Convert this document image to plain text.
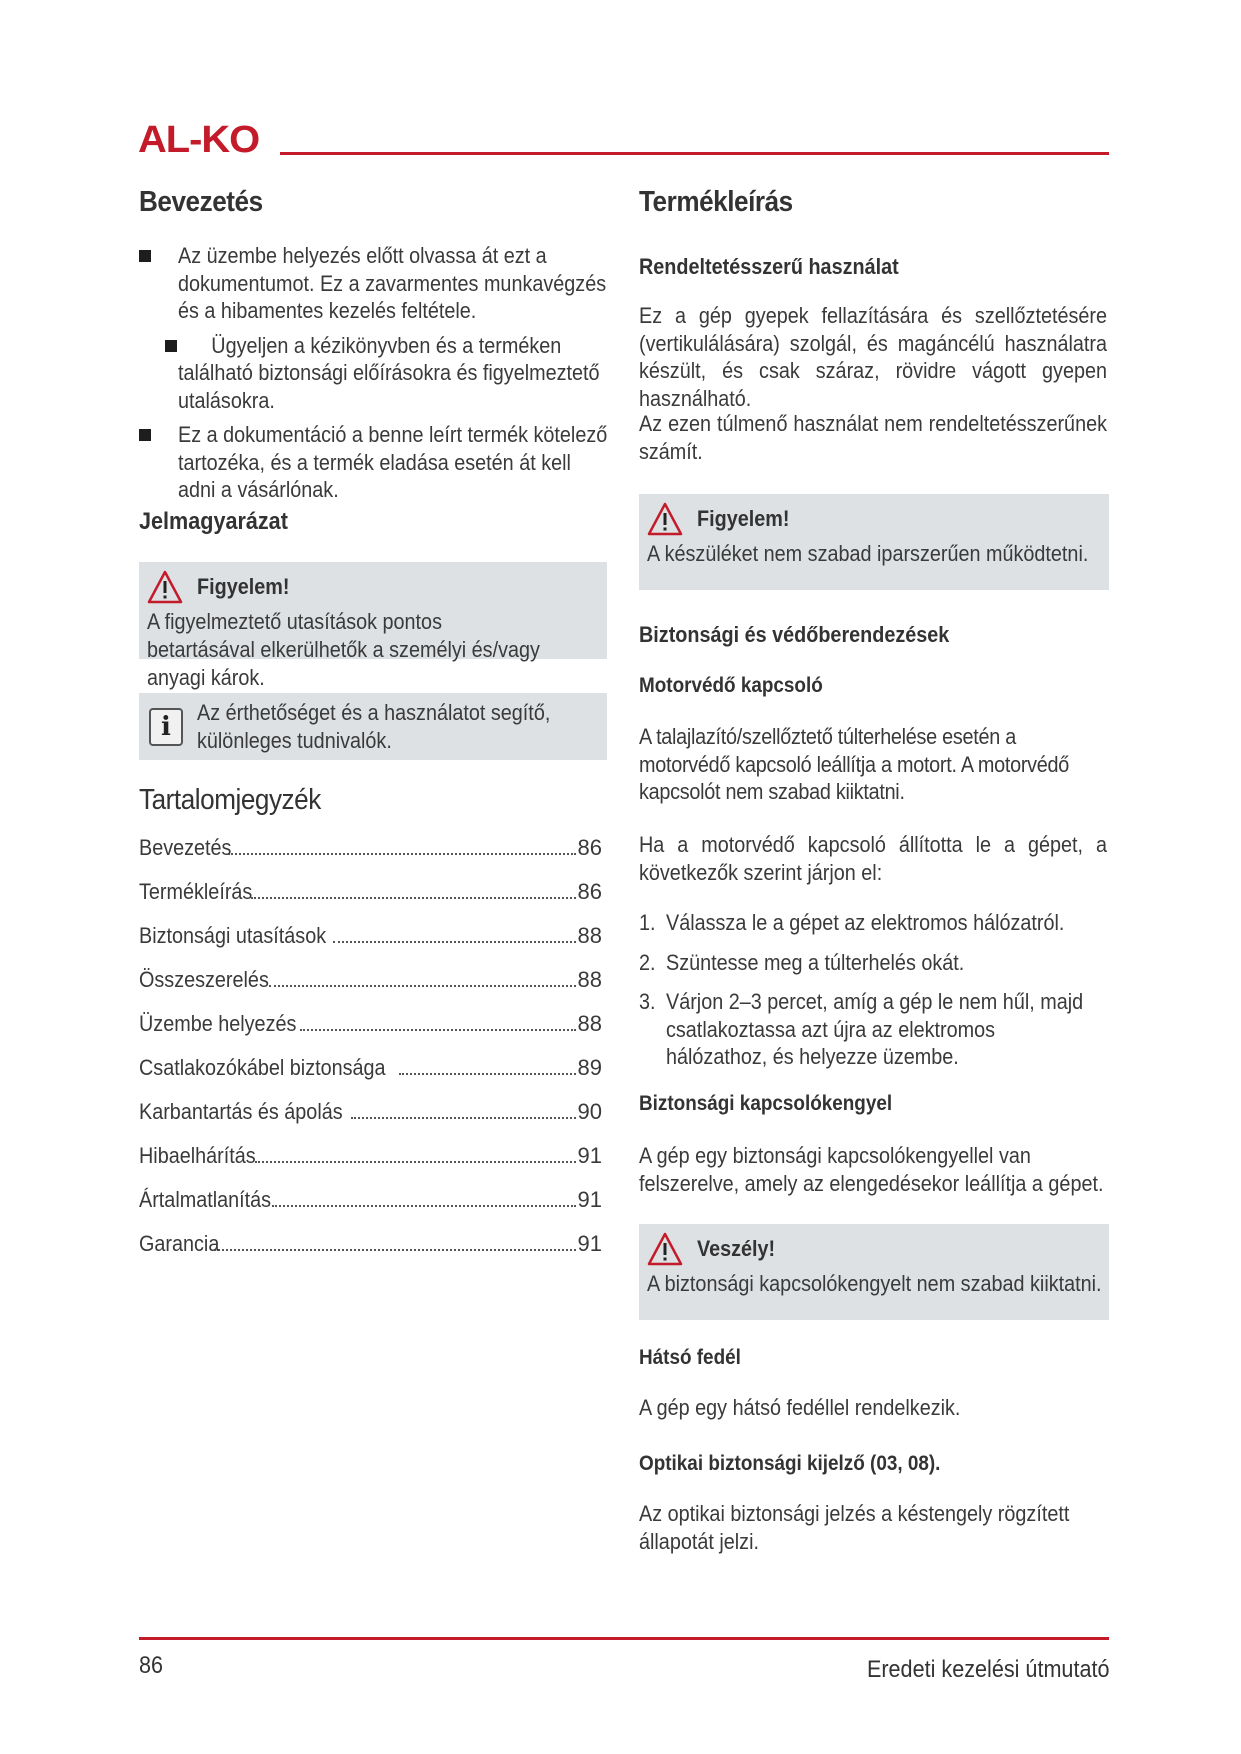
AL-KO
Bevezetés
Az üzembe helyezés előtt olvassa át ezt a dokumentumot. Ez a zavarmentes munkavégzés és a hibamentes kezelés feltétele.
Ügyeljen a kézikönyvben és a terméken található biztonsági előírásokra és figyelmeztető utalásokra.
Ez a dokumentáció a benne leírt termék kötelező tartozéka, és a termék eladása esetén át kell adni a vásárlónak.
Jelmagyarázat
Figyelem!
A figyelmeztető utasítások pontos betartásával elkerülhetők a személyi és/vagy anyagi károk.
i	Az érthetőséget és a használatot segítő, különleges tudnivalók.
Tartalomjegyzék
Bevezetés	86
Termékleírás	86
Biztonsági utasítások	88
Összeszerelés	88
Üzembe helyezés	88
Csatlakozókábel biztonsága	89
Karbantartás és ápolás	90
Hibaelhárítás	91
Ártalmatlanítás	91
Garancia	91
Termékleírás
Rendeltetésszerű használat
Ez a gép gyepek fellazítására és szellőztetésére (vertikulálására) szolgál, és magáncélú használatra készült, és csak száraz, rövidre vágott gyepen használható.
Az ezen túlmenő használat nem rendeltetésszerűnek számít.
Figyelem!
A készüléket nem szabad iparszerűen működtetni.
Biztonsági és védőberendezések
Motorvédő kapcsoló
A talajlazító/szellőztető túlterhelése esetén a motorvédő kapcsoló leállítja a motort. A motorvédő kapcsolót nem szabad kiiktatni.
Ha a motorvédő kapcsoló állította le a gépet, a következők szerint járjon el:
1. Válassza le a gépet az elektromos hálózatról.
2. Szüntesse meg a túlterhelés okát.
3. Várjon 2–3 percet, amíg a gép le nem hűl, majd csatlakoztassa azt újra az elektromos hálózathoz, és helyezze üzembe.
Biztonsági kapcsolókengyel
A gép egy biztonsági kapcsolókengyellel van felszerelve, amely az elengedésekor leállítja a gépet.
Veszély!
A biztonsági kapcsolókengyelt nem szabad kiiktatni.
Hátsó fedél
A gép egy hátsó fedéllel rendelkezik.
Optikai biztonsági kijelző (03, 08).
Az optikai biztonsági jelzés a késtengely rögzített állapotát jelzi.
86	Eredeti kezelési útmutató
